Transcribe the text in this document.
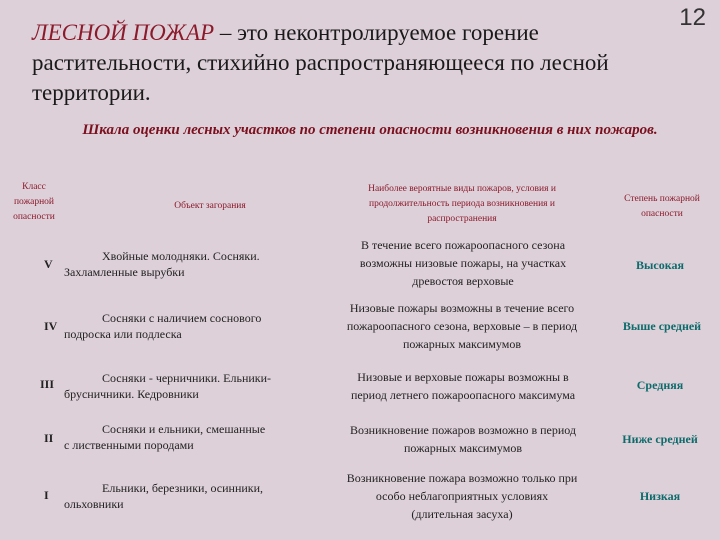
12

ЛЕСНОЙ ПОЖАР – это неконтролируемое горение растительности, стихийно распространяющееся по лесной территории.

Шкала оценки лесных участков по степени опасности возникновения в них пожаров.

Класс
пожарной
опасности
Объект загорания
Наиболее вероятные виды пожаров, условия и
продолжительность периода возникновения и
распространения
Степень пожарной
опасности
V
Хвойные молодняки. Сосняки.
Захламленные вырубки
В течение всего пожароопасного сезона
возможны низовые пожары, на участках
древостоя верховые
Высокая
IV
Сосняки с наличием соснового
подроска или подлеска
Низовые пожары возможны в течение всего
пожароопасного сезона, верховые – в период
пожарных максимумов
Выше средней
III	Сосняки - черничники. Ельники-
брусничники. Кедровники
Низовые и верховые пожары возможны в
период летнего пожароопасного максимума
Средняя
II
Сосняки и ельники, смешанные
с лиственными породами
Возникновение пожаров возможно в период
пожарных максимумов
Ниже средней
I	Ельники, березники, осинники,
ольховники
Возникновение пожара возможно только при
особо неблагоприятных условиях
(длительная засуха)
Низкая
